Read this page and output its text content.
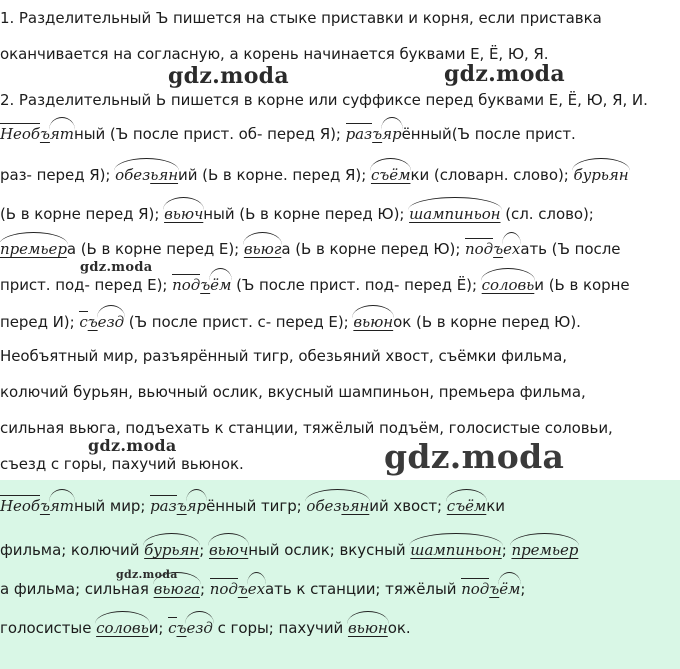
1. Разделительный Ъ пишется на стыке приставки и корня, если приставка
оканчивается на согласную, а корень начинается буквами Е, Ё, Ю, Я.
2. Разделительный Ь пишется в корне или суффиксе перед буквами Е, Ё, Ю, Я, И.
Необъятный (Ъ после прист. об- перед Я); разъярённый(Ъ после прист.
раз- перед Я); обезьяний (Ь в корне. перед Я); съёмки (словарн. слово); бурьян
(Ь в корне перед Я); вьючный (Ь в корне перед Ю); шампиньон (сл. слово);
премьера (Ь в корне перед Е); вьюга (Ь в корне перед Ю); подъехать (Ъ после
прист. под- перед Е); подъём (Ъ после прист. под- перед Ё); соловьи (Ь в корне
перед И); съезд (Ъ после прист. с- перед Е); вьюнок (Ь в корне перед Ю).
Необъятный мир, разъярённый тигр, обезьяний хвост, съёмки фильма,
колючий бурьян, вьючный ослик, вкусный шампиньон, премьера фильма,
сильная вьюга, подъехать к станции, тяжёлый подъём, голосистые соловьи,
съезд с горы, пахучий вьюнок.
Необъятный мир; разъярённый тигр; обезьяний хвост; съёмки
фильма; колючий бурьян; вьючный ослик; вкусный шампиньон; премьер
а фильма; сильная вьюга; подъехать к станции; тяжёлый подъём;
голосистые соловьи; съезд с горы; пахучий вьюнок.
gdz.moda	gdz.moda
gdz.moda
gdz.moda	gdz.moda
gdz.moda
